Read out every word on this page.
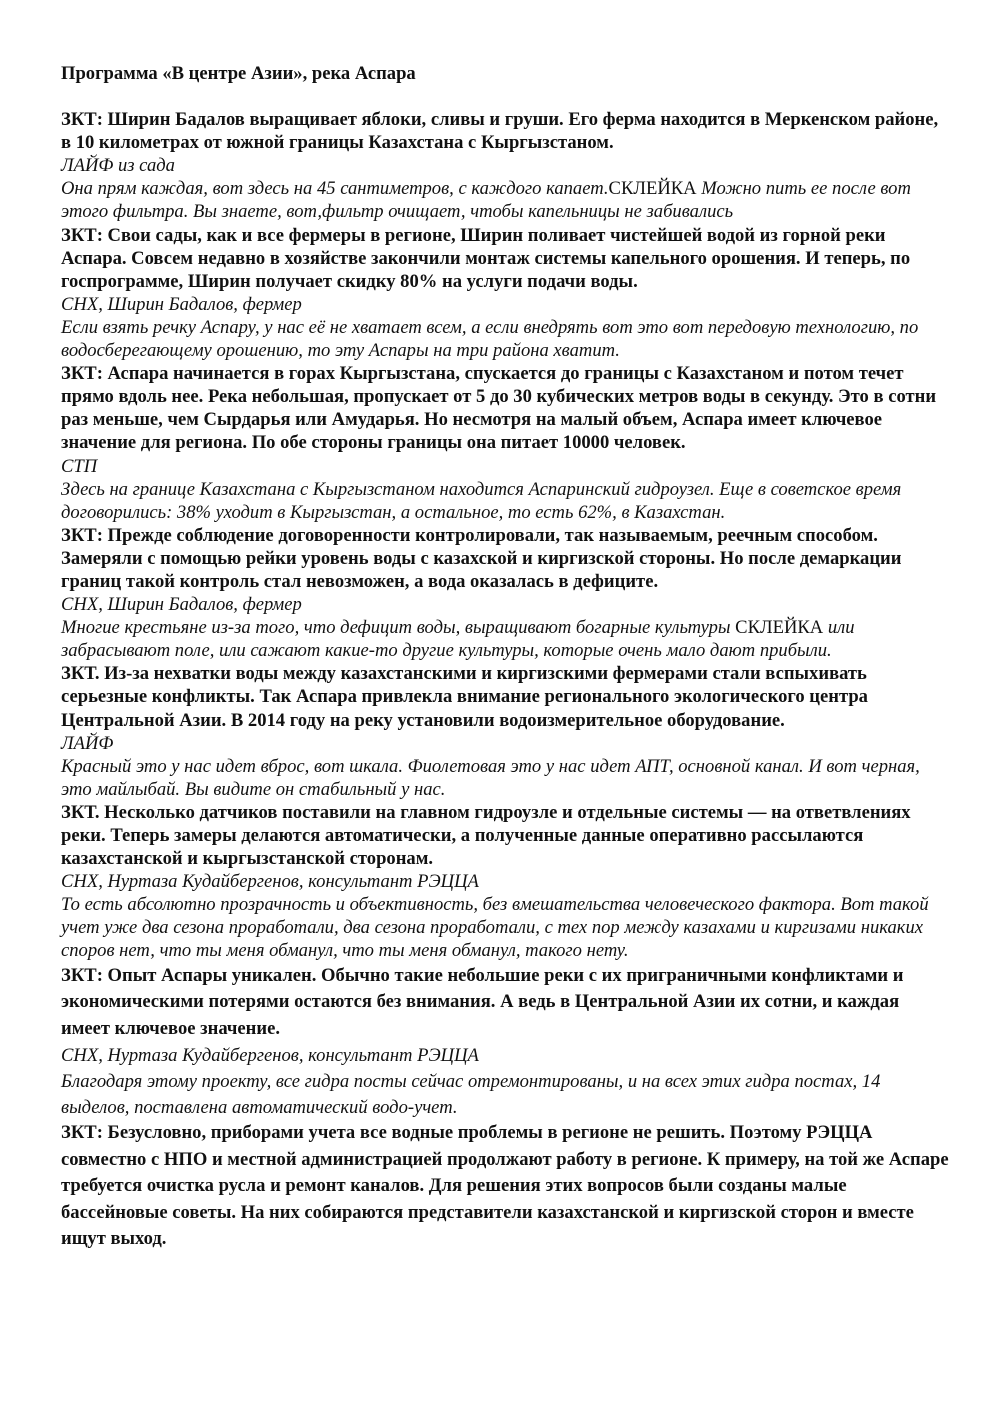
Программа «В центре Азии», река Аспара

ЗКТ: Ширин Бадалов выращивает яблоки, сливы и груши. Его ферма находится в Меркенском районе, в 10 километрах от южной границы Казахстана с Кыргызстаном.

ЛАЙФ из сада

Она прям каждая, вот здесь на 45 сантиметров, с каждого капает.СКЛЕЙКА Можно пить ее после вот этого фильтра. Вы знаете, вот,фильтр очищает, чтобы капельницы не забивались

ЗКТ: Свои сады, как и все фермеры в регионе, Ширин поливает чистейшей водой из горной реки Аспара. Совсем недавно в хозяйстве закончили монтаж системы капельного орошения. И теперь, по госпрограмме, Ширин получает скидку 80% на услуги подачи воды.

СНХ, Ширин Бадалов, фермер

Если взять речку Аспару, у нас её не хватает всем, а если внедрять вот это вот передовую технологию, по водосберегающему орошению, то эту Аспары на три района хватит.

ЗКТ: Аспара начинается в горах Кыргызстана, спускается до границы с Казахстаном и потом течет прямо вдоль нее. Река небольшая, пропускает от 5 до 30 кубических метров воды в секунду. Это в сотни раз меньше, чем Сырдарья или Амударья. Но несмотря на малый объем, Аспара имеет ключевое значение для региона. По обе стороны границы она питает 10000 человек.

СТП

Здесь на границе Казахстана с Кыргызстаном находится Аспаринский гидроузел. Еще в советское время договорились: 38% уходит в Кыргызстан, а остальное, то есть 62%, в Казахстан.

ЗКТ: Прежде соблюдение договоренности контролировали, так называемым, реечным способом. Замеряли с помощью рейки уровень воды с казахской и киргизской стороны. Но после демаркации границ такой контроль стал невозможен, а вода оказалась в дефиците.

СНХ, Ширин Бадалов, фермер

Многие крестьяне из-за того, что дефицит воды, выращивают богарные культуры СКЛЕЙКА или забрасывают поле, или сажают какие-то другие культуры, которые очень мало дают прибыли.

ЗКТ. Из-за нехватки воды между казахстанскими и киргизскими фермерами стали вспыхивать серьезные конфликты. Так Аспара привлекла внимание регионального экологического центра Центральной Азии. В 2014 году на реку установили водоизмерительное оборудование.

ЛАЙФ

Красный это у нас идет вброс, вот шкала. Фиолетовая это у нас идет АПТ, основной канал. И вот черная, это майлыбай. Вы видите он стабильный у нас.

ЗКТ. Несколько датчиков поставили на главном гидроузле и отдельные системы — на ответвлениях реки. Теперь замеры делаются автоматически, а полученные данные оперативно рассылаются казахстанской и кыргызстанской сторонам.

СНХ, Нуртаза Кудайбергенов, консультант РЭЦЦА

То есть абсолютно прозрачность и объективность, без вмешательства человеческого фактора. Вот такой учет уже два сезона проработали, два сезона проработали, с тех пор между казахами и киргизами никаких споров нет, что ты меня обманул, что ты меня обманул, такого нету.

ЗКТ: Опыт Аспары уникален. Обычно такие небольшие реки с их приграничными конфликтами и экономическими потерями остаются без внимания. А ведь в Центральной Азии их сотни, и каждая имеет ключевое значение.

СНХ, Нуртаза Кудайбергенов, консультант РЭЦЦА

Благодаря этому проекту, все гидра посты сейчас отремонтированы, и на всех этих гидра постах, 14 выделов, поставлена автоматический водо-учет.

ЗКТ: Безусловно, приборами учета все водные проблемы в регионе не решить. Поэтому РЭЦЦА совместно с НПО и местной администрацией продолжают работу в регионе. К примеру, на той же Аспаре требуется очистка русла и ремонт каналов. Для решения этих вопросов были созданы малые бассейновые советы. На них собираются представители казахстанской и киргизской сторон и вместе ищут выход.
